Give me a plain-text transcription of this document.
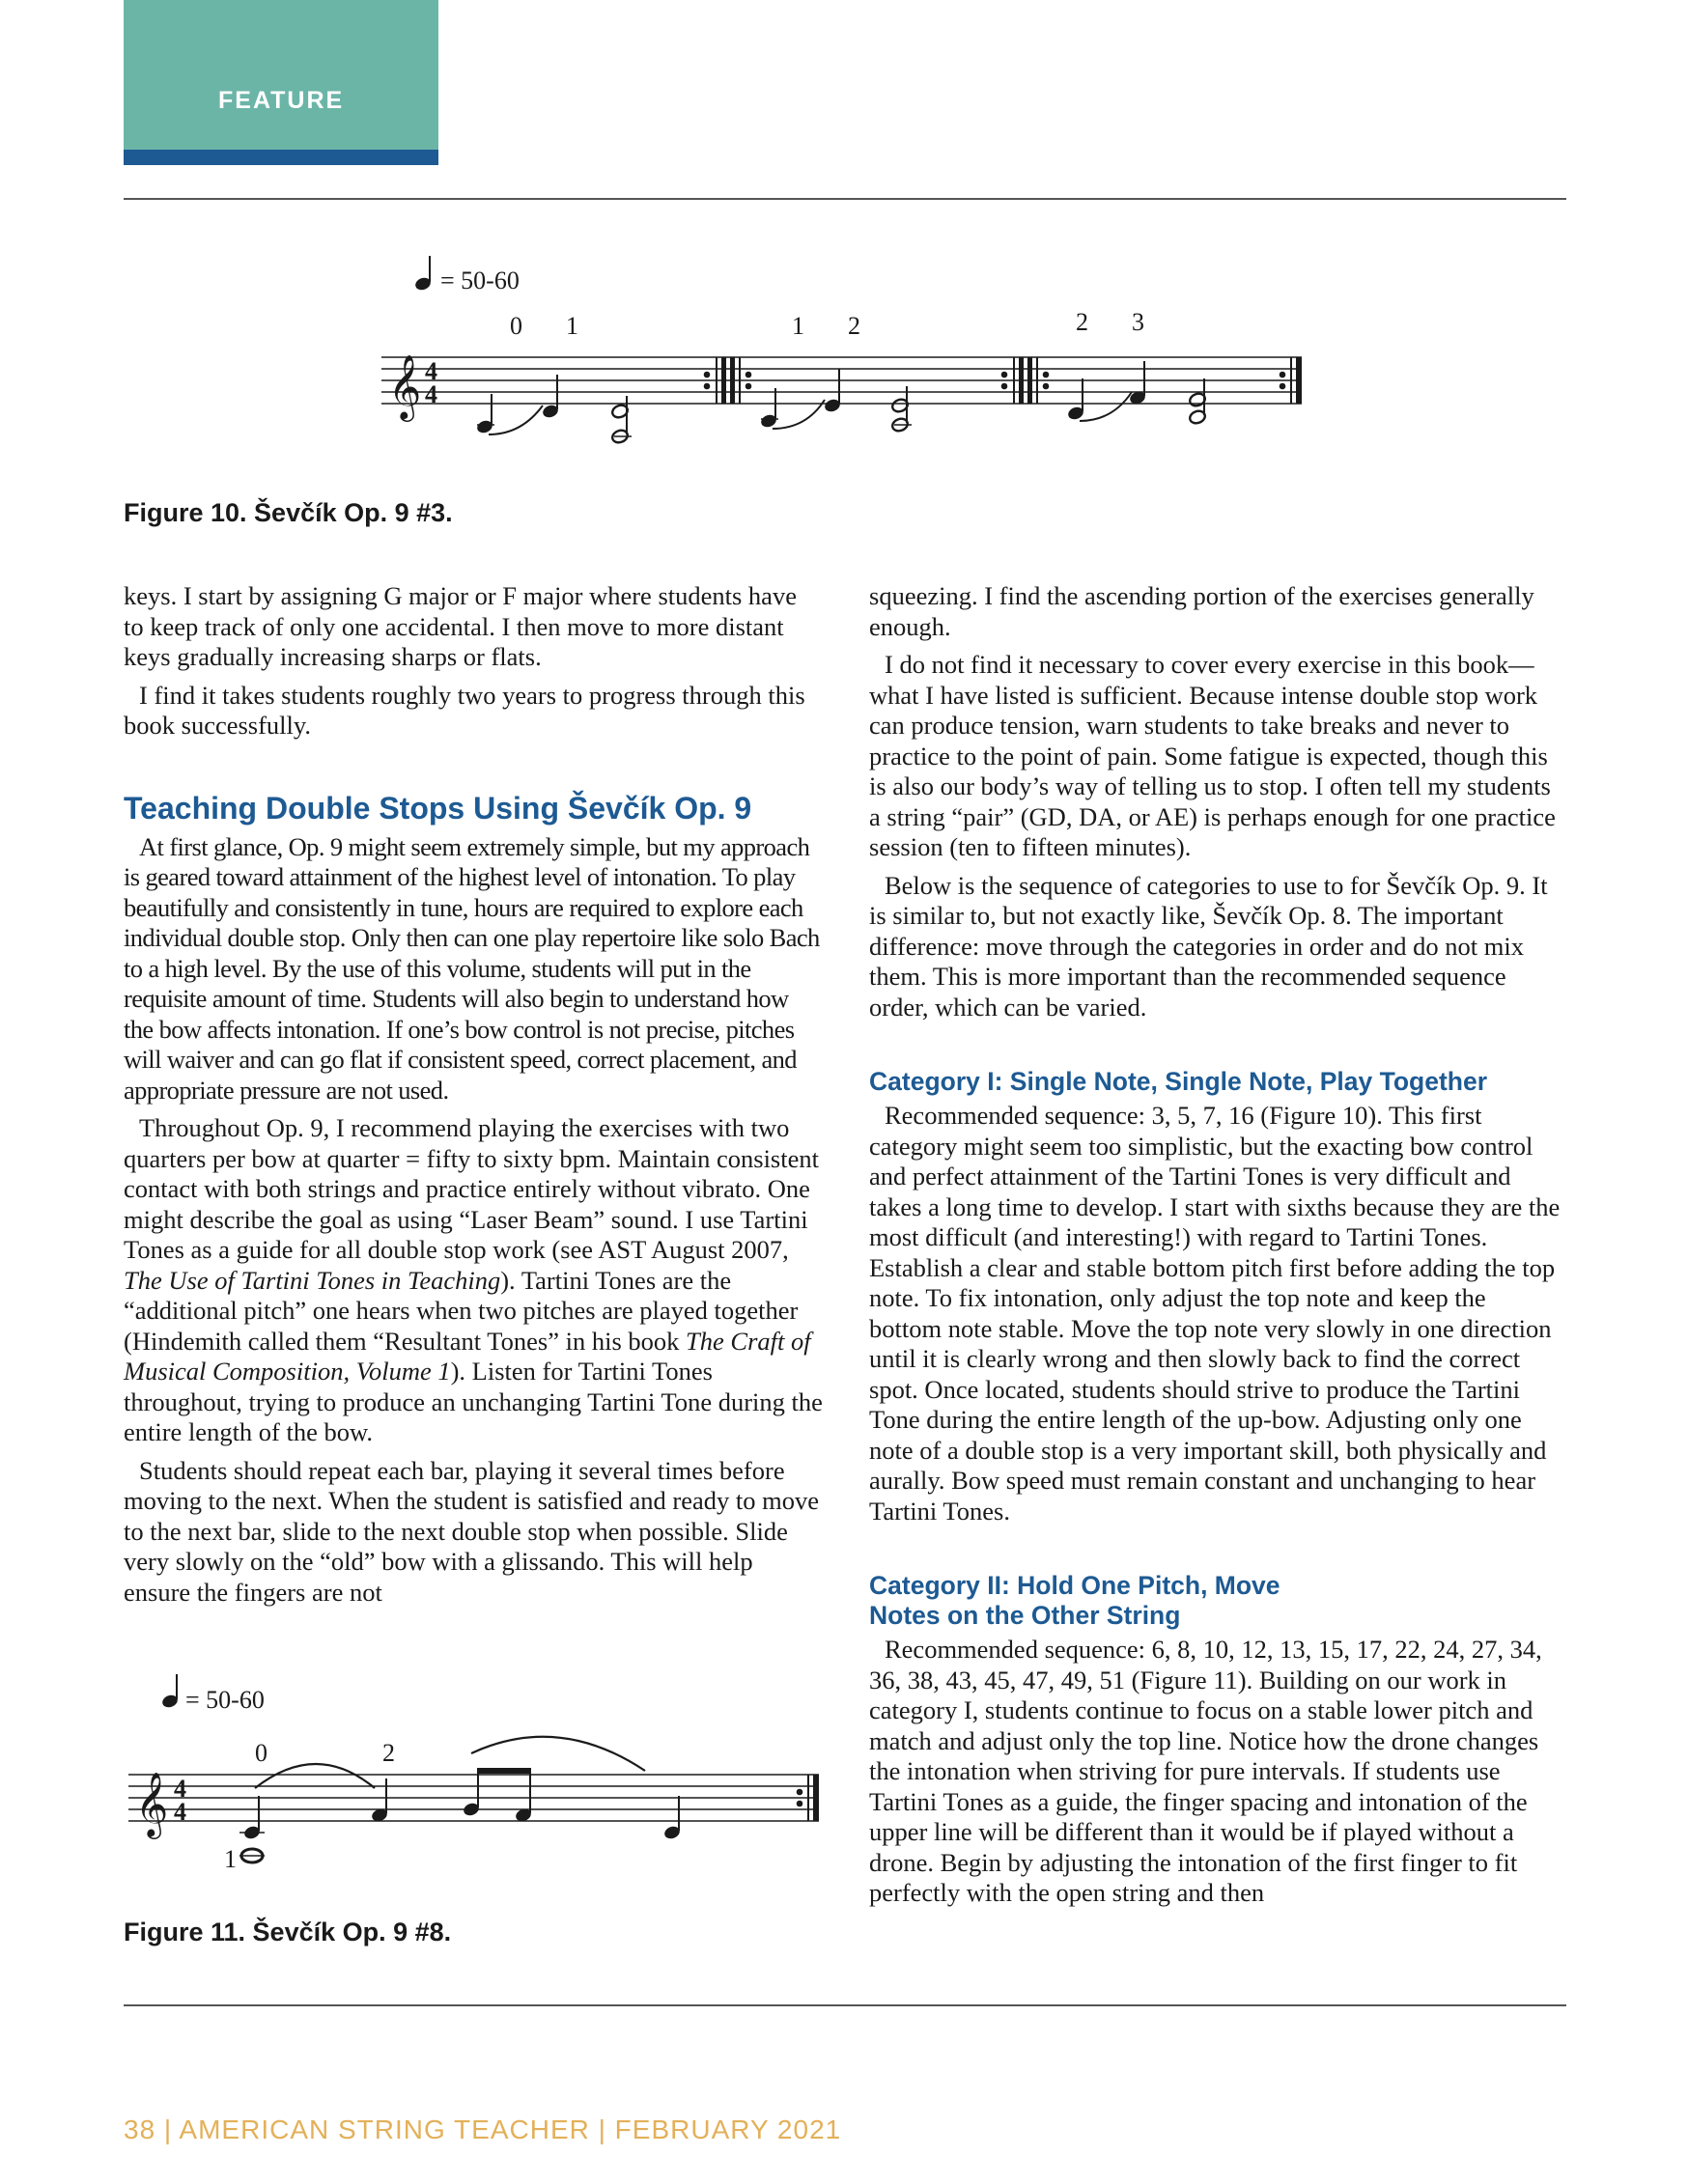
FEATURE
= 50-60
0 1	1 2	2 3
𝄞 4
4
Figure 10. Ševčík Op. 9 #3.

keys. I start by assigning G major or F major where students have to keep track of only one accidental. I then move to more distant keys gradually increasing sharps or flats.

I find it takes students roughly two years to progress through this book successfully.

Teaching Double Stops Using Ševčík Op. 9

At first glance, Op. 9 might seem extremely simple, but my approach is geared toward attainment of the highest level of intonation. To play beautifully and consistently in tune, hours are required to explore each individual double stop. Only then can one play repertoire like solo Bach to a high level. By the use of this volume, students will put in the requisite amount of time. Students will also begin to understand how the bow affects intonation. If one’s bow control is not precise, pitches will waiver and can go flat if consistent speed, correct placement, and appropriate pressure are not used.

Throughout Op. 9, I recommend playing the exercises with two quarters per bow at quarter = fifty to sixty bpm. Maintain consistent contact with both strings and practice entirely without vibrato. One might describe the goal as using “Laser Beam” sound. I use Tartini Tones as a guide for all double stop work (see AST August 2007, The Use of Tartini Tones in Teaching). Tartini Tones are the “additional pitch” one hears when two pitches are played together (Hindemith called them “Resultant Tones” in his book The Craft of Musical Composition, Volume 1). Listen for Tartini Tones throughout, trying to produce an unchanging Tartini Tone during the entire length of the bow.

Students should repeat each bar, playing it several times before moving to the next. When the student is satisfied and ready to move to the next bar, slide to the next double stop when possible. Slide very slowly on the “old” bow with a glissando. This will help ensure the fingers are not

= 50-60
0	2
𝄞 4
4
1
Figure 11. Ševčík Op. 9 #8.

squeezing. I find the ascending portion of the exercises generally enough.

I do not find it necessary to cover every exercise in this book—what I have listed is sufficient. Because intense double stop work can produce tension, warn students to take breaks and never to practice to the point of pain. Some fatigue is expected, though this is also our body’s way of telling us to stop. I often tell my students a string “pair” (GD, DA, or AE) is perhaps enough for one practice session (ten to fifteen minutes).

Below is the sequence of categories to use to for Ševčík Op. 9. It is similar to, but not exactly like, Ševčík Op. 8. The important difference: move through the categories in order and do not mix them. This is more important than the recommended sequence order, which can be varied.

Category I: Single Note, Single Note, Play Together

Recommended sequence: 3, 5, 7, 16 (Figure 10). This first category might seem too simplistic, but the exacting bow control and perfect attainment of the Tartini Tones is very difficult and takes a long time to develop. I start with sixths because they are the most difficult (and interesting!) with regard to Tartini Tones. Establish a clear and stable bottom pitch first before adding the top note. To fix intonation, only adjust the top note and keep the bottom note stable. Move the top note very slowly in one direction until it is clearly wrong and then slowly back to find the correct spot. Once located, students should strive to produce the Tartini Tone during the entire length of the up-bow. Adjusting only one note of a double stop is a very important skill, both physically and aurally. Bow speed must remain constant and unchanging to hear Tartini Tones.

Category II: Hold One Pitch, Move
Notes on the Other String

Recommended sequence: 6, 8, 10, 12, 13, 15, 17, 22, 24, 27, 34, 36, 38, 43, 45, 47, 49, 51 (Figure 11). Building on our work in category I, students continue to focus on a stable lower pitch and match and adjust only the top line. Notice how the drone changes the intonation when striving for pure intervals. If students use Tartini Tones as a guide, the finger spacing and intonation of the upper line will be different than it would be if played without a drone. Begin by adjusting the intonation of the first finger to fit perfectly with the open string and then

38 | AMERICAN STRING TEACHER | FEBRUARY 2021
